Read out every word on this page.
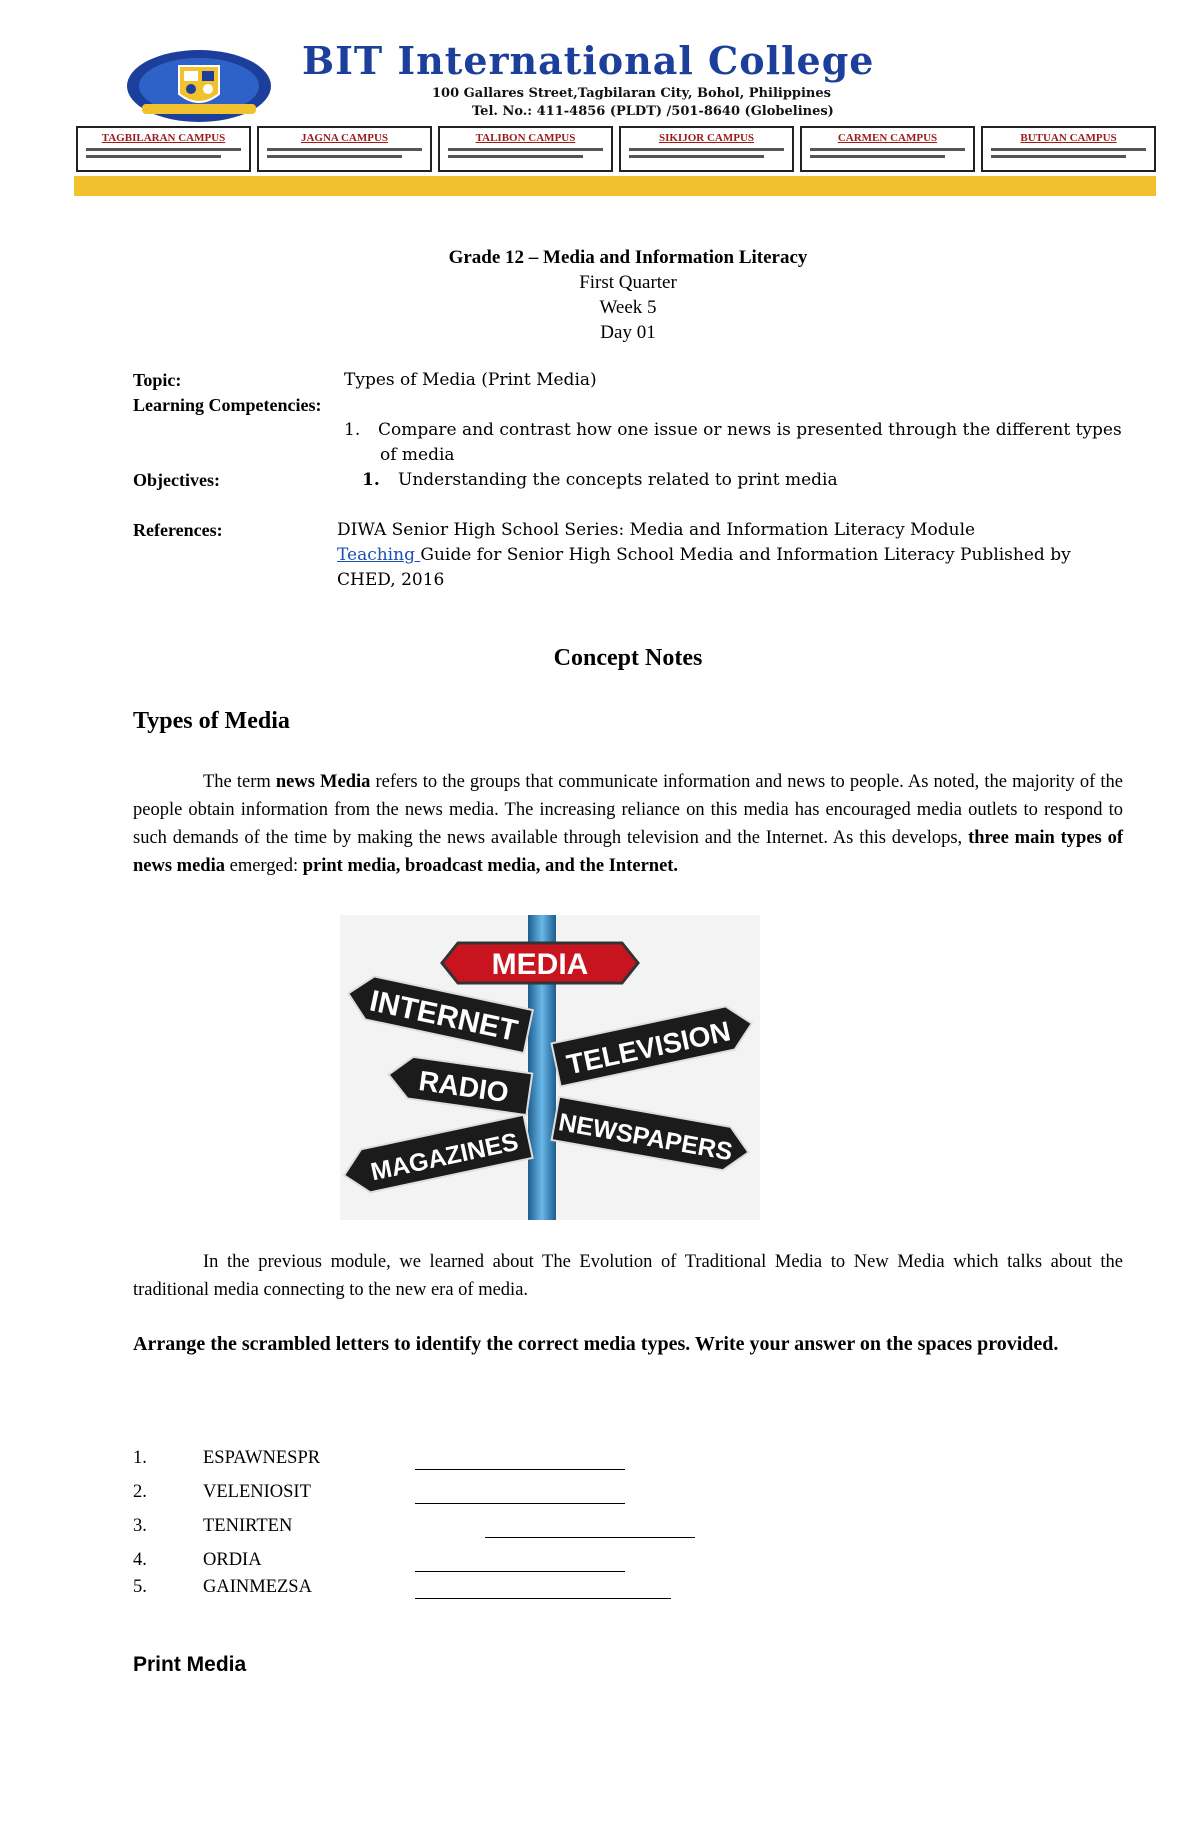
BIT International College
100 Gallares Street,Tagbilaran City, Bohol, Philippines
Tel. No.: 411-4856 (PLDT) /501-8640 (Globelines)
TAGBILARAN CAMPUS	JAGNA CAMPUS	TALIBON CAMPUS	SIKIJOR CAMPUS	CARMEN CAMPUS	BUTUAN CAMPUS
Grade 12 – Media and Information Literacy
First Quarter
Week 5
Day 01
Topic:	Types of Media (Print Media)
Learning Competencies:
1. Compare and contrast how one issue or news is presented through the different types
of media
Objectives:	1. Understanding the concepts related to print media
References:	DIWA Senior High School Series: Media and Information Literacy Module
Teaching Guide for Senior High School Media and Information Literacy Published by
CHED, 2016
Concept Notes
Types of Media
The term news Media refers to the groups that communicate information and news to people. As noted, the majority of the people obtain information from the news media. The increasing reliance on this media has encouraged media outlets to respond to such demands of the time by making the news available through television and the Internet. As this develops, three main types of news media emerged: print media, broadcast media, and the Internet.
MEDIA
INTERNET TELEVISION
RADIO
NEWSPAPERS
MAGAZINES
In the previous module, we learned about The Evolution of Traditional Media to New Media which talks about the traditional media connecting to the new era of media.
Arrange the scrambled letters to identify the correct media types. Write your answer on the spaces provided.
1.	ESPAWNESPR
2.	VELENIOSIT
3.	TENIRTEN
4.	ORDIA
5.	GAINMEZSA
Print Media
